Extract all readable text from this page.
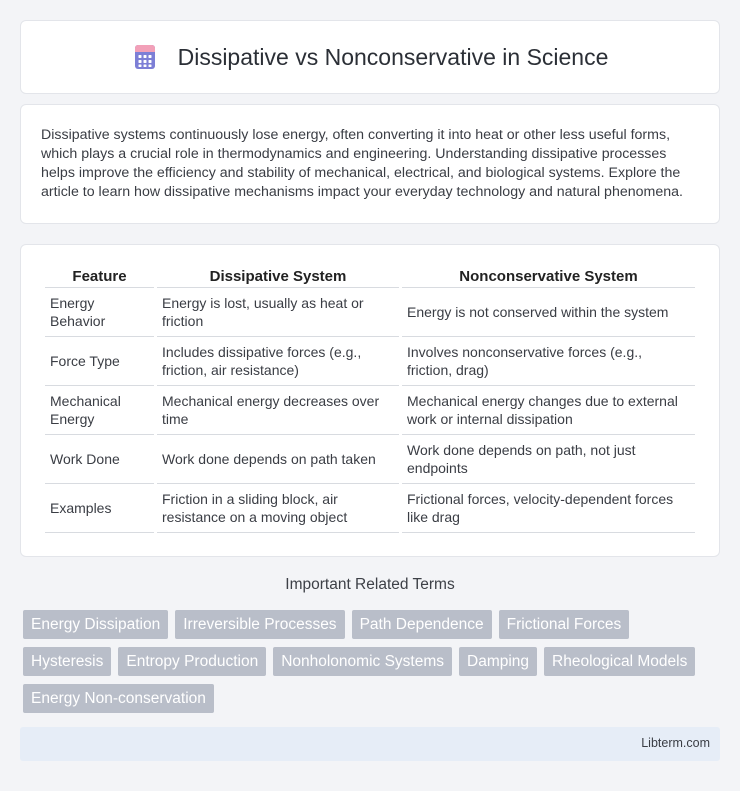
Dissipative vs Nonconservative in Science

Dissipative systems continuously lose energy, often converting it into heat or other less useful forms, which plays a crucial role in thermodynamics and engineering. Understanding dissipative processes helps improve the efficiency and stability of mechanical, electrical, and biological systems. Explore the article to learn how dissipative mechanisms impact your everyday technology and natural phenomena.

Feature	Dissipative System	Nonconservative System
Energy Behavior	Energy is lost, usually as heat or friction	Energy is not conserved within the system
Force Type	Includes dissipative forces (e.g., friction, air resistance)	Involves nonconservative forces (e.g., friction, drag)
Mechanical Energy	Mechanical energy decreases over time	Mechanical energy changes due to external work or internal dissipation
Work Done	Work done depends on path taken	Work done depends on path, not just endpoints
Examples	Friction in a sliding block, air resistance on a moving object	Frictional forces, velocity-dependent forces like drag
Important Related Terms
Energy Dissipation	Irreversible Processes	Path Dependence	Frictional Forces
Hysteresis	Entropy Production	Nonholonomic Systems	Damping	Rheological Models
Energy Non-conservation
Libterm.com
